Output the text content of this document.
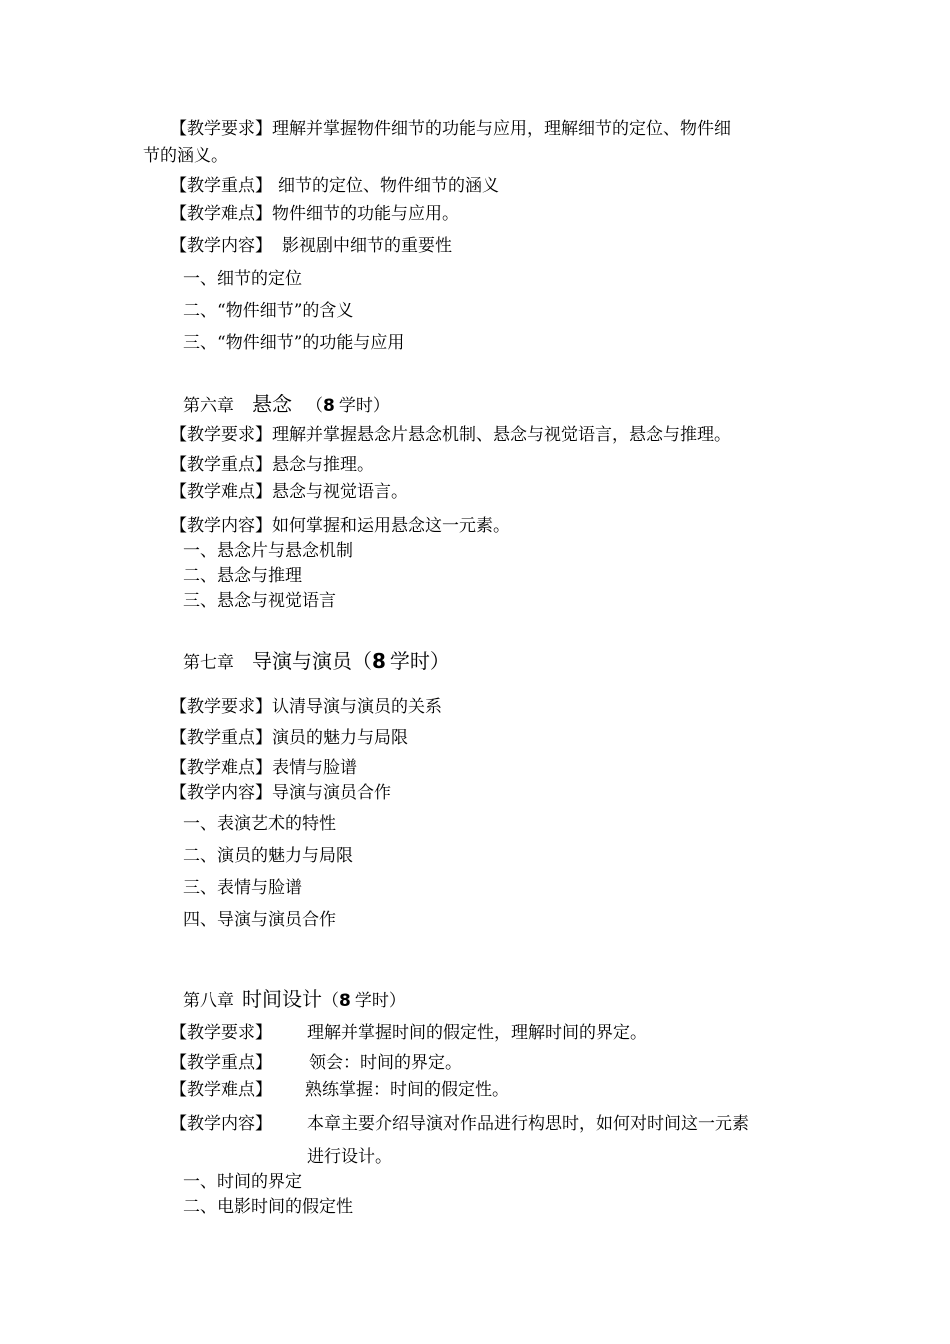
【教学要求】理解并掌握物件细节的功能与应用，理解细节的定位、物件细
节的涵义。
【教学重点】 细节的定位、物件细节的涵义
【教学难点】物件细节的功能与应用。
【教学内容】 影视剧中细节的重要性
一、细节的定位
二、“物件细节”的含义
三、“物件细节”的功能与应用
第六章 悬念 （8 学时）
【教学要求】理解并掌握悬念片悬念机制、悬念与视觉语言，悬念与推理。
【教学重点】悬念与推理。
【教学难点】悬念与视觉语言。
【教学内容】如何掌握和运用悬念这一元素。
一、悬念片与悬念机制
二、悬念与推理
三、悬念与视觉语言
第七章 导演与演员（8 学时）
【教学要求】认清导演与演员的关系
【教学重点】演员的魅力与局限
【教学难点】表情与脸谱
【教学内容】导演与演员合作
一、表演艺术的特性
二、演员的魅力与局限
三、表情与脸谱
四、导演与演员合作
第八章 时间设计（8 学时）
【教学要求】 理解并掌握时间的假定性，理解时间的界定。
【教学重点】 领会：时间的界定。
【教学难点】 熟练掌握：时间的假定性。
【教学内容】 本章主要介绍导演对作品进行构思时，如何对时间这一元素
进行设计。
一、时间的界定
二、电影时间的假定性
